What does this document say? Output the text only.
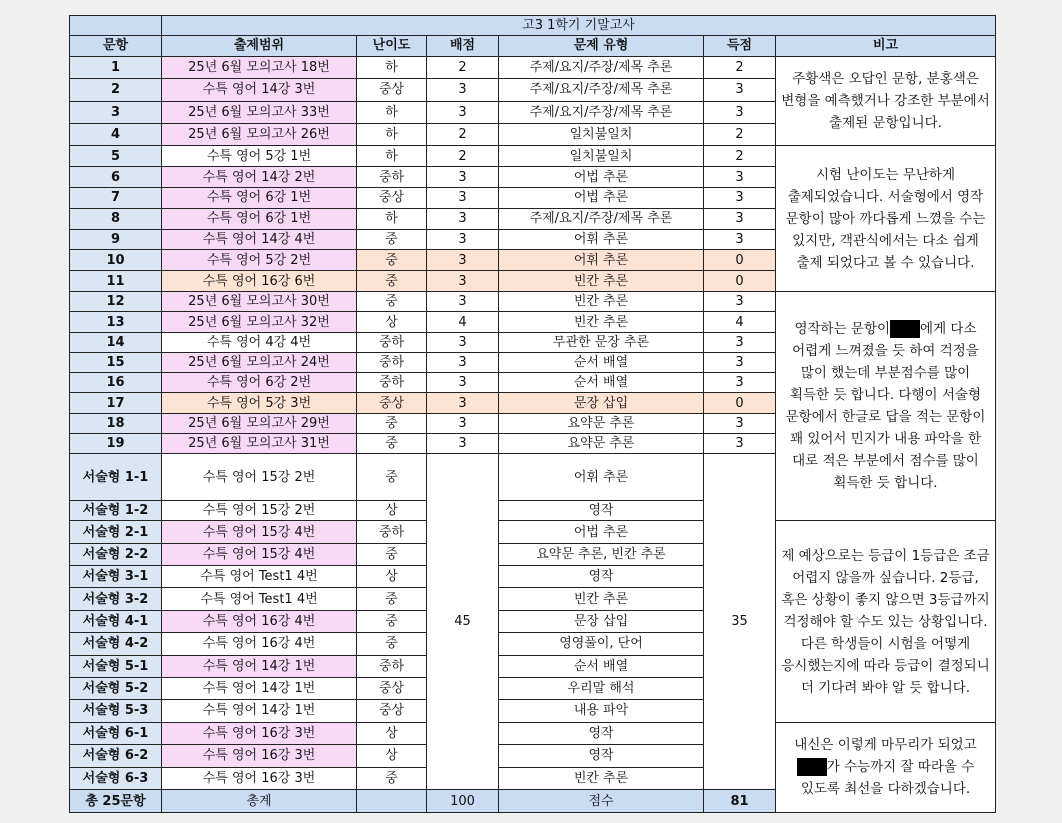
	고3 1학기 기말고사					
문항	출제범위	난이도	배점	문제 유형	득점	비고
1	25년 6월 모의고사 18번	하	2	주제/요지/주장/제목 추론	2	주황색은 오답인 문항, 분홍색은 변형을 예측했거나 강조한 부분에서 출제된 문항입니다.
2	수특 영어 14강 3번	중상	3	주제/요지/주장/제목 추론	3	
3	25년 6월 모의고사 33번	하	3	주제/요지/주장/제목 추론	3	
4	25년 6월 모의고사 26번	하	2	일치불일치	2	
5	수특 영어 5강 1번	하	2	일치불일치	2	시험 난이도는 무난하게 출제되었습니다. 서술형에서 영작 문항이 많아 까다롭게 느꼈을 수는 있지만, 객관식에서는 다소 쉽게 출제 되었다고 볼 수 있습니다.
6	수특 영어 14강 2번	중하	3	어법 추론	3	
7	수특 영어 6강 1번	중상	3	어법 추론	3	
8	수특 영어 6강 1번	하	3	주제/요지/주장/제목 추론	3	
9	수특 영어 14강 4번	중	3	어휘 추론	3	
10	수특 영어 5강 2번	중	3	어휘 추론	0	
11	수특 영어 16강 6번	중	3	빈칸 추론	0	
12	25년 6월 모의고사 30번	중	3	빈칸 추론	3	영작하는 문항이 에게 다소 어렵게 느껴졌을 듯 하여 걱정을 많이 했는데 부분점수를 많이 획득한 듯 합니다. 다행이 서술형 문항에서 한글로 답을 적는 문항이 꽤 있어서 민지가 내용 파악을 한 대로 적은 부분에서 점수를 많이 획득한 듯 합니다.
13	25년 6월 모의고사 32번	상	4	빈칸 추론	4	
14	수특 영어 4강 4번	중하	3	무관한 문장 추론	3	
15	25년 6월 모의고사 24번	중하	3	순서 배열	3	
16	수특 영어 6강 2번	중하	3	순서 배열	3	
17	수특 영어 5강 3번	중상	3	문장 삽입	0	
18	25년 6월 모의고사 29번	중	3	요약문 추론	3	
19	25년 6월 모의고사 31번	중	3	요약문 추론	3	
서술형 1-1	수특 영어 15강 2번	중	45	어휘 추론	35	
서술형 1-2	수특 영어 15강 2번	상		영작		
서술형 2-1	수특 영어 15강 4번	중하		어법 추론		제 예상으로는 등급이 1등급은 조금 어렵지 않을까 싶습니다. 2등급, 혹은 상황이 좋지 않으면 3등급까지 걱정해야 할 수도 있는 상황입니다. 다른 학생들이 시험을 어떻게 응시했는지에 따라 등급이 결정되니 더 기다려 봐야 알 듯 합니다.
서술형 2-2	수특 영어 15강 4번	중		요약문 추론, 빈칸 추론		
서술형 3-1	수특 영어 Test1 4번	상		영작		
서술형 3-2	수특 영어 Test1 4번	중		빈칸 추론		
서술형 4-1	수특 영어 16강 4번	중		문장 삽입		
서술형 4-2	수특 영어 16강 4번	중		영영풀이, 단어		
서술형 5-1	수특 영어 14강 1번	중하		순서 배열		
서술형 5-2	수특 영어 14강 1번	중상		우리말 해석		
서술형 5-3	수특 영어 14강 1번	중상		내용 파악		
서술형 6-1	수특 영어 16강 3번	상		영작		내신은 이렇게 마무리가 되었고가 수능까지 잘 따라올 수 있도록 최선을 다하겠습니다.
서술형 6-2	수특 영어 16강 3번	상		영작		
서술형 6-3	수특 영어 16강 3번	중		빈칸 추론		
총 25문항	총계		100	점수	81	
